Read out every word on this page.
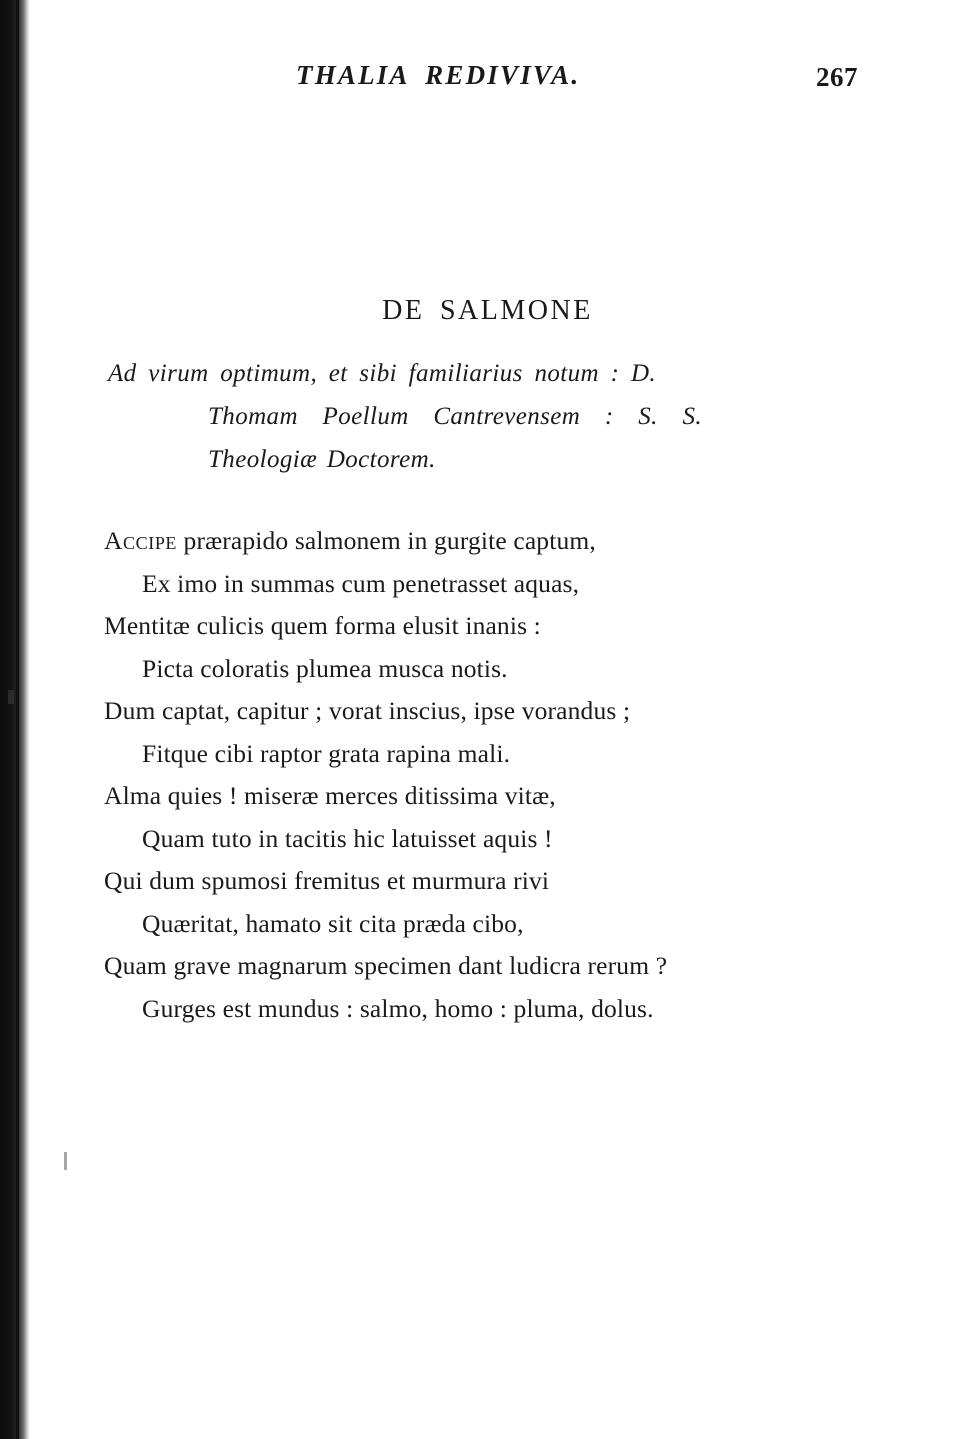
THALIA REDIVIVA.	267
DE SALMONE
Ad virum optimum, et sibi familiarius notum : D.
Thomam Poellum Cantrevensem : S. S.
Theologiæ Doctorem.
Accipe prærapido salmonem in gurgite captum,
Ex imo in summas cum penetrasset aquas,
Mentitæ culicis quem forma elusit inanis :
Picta coloratis plumea musca notis.
Dum captat, capitur ; vorat inscius, ipse vorandus ;
Fitque cibi raptor grata rapina mali.
Alma quies ! miseræ merces ditissima vitæ,
Quam tuto in tacitis hic latuisset aquis !
Qui dum spumosi fremitus et murmura rivi
Quæritat, hamato sit cita præda cibo,
Quam grave magnarum specimen dant ludicra rerum ?
Gurges est mundus : salmo, homo : pluma, dolus.
